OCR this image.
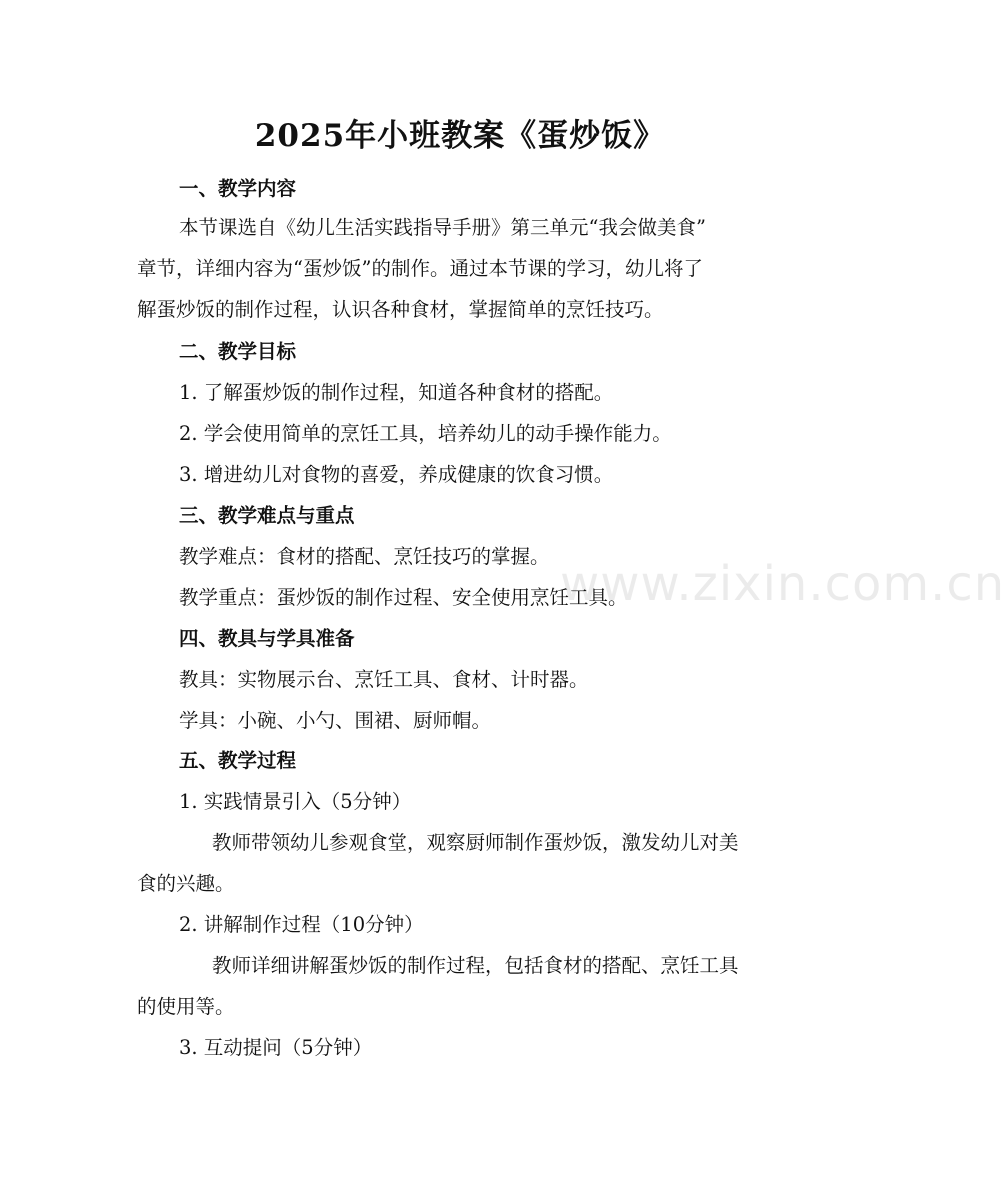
www.zixin.com.cn
2025年小班教案《蛋炒饭》
一、教学内容
本节课选自《幼儿生活实践指导手册》第三单元“我会做美食”
章节，详细内容为“蛋炒饭”的制作。通过本节课的学习，幼儿将了
解蛋炒饭的制作过程，认识各种食材，掌握简单的烹饪技巧。
二、教学目标
1. 了解蛋炒饭的制作过程，知道各种食材的搭配。
2. 学会使用简单的烹饪工具，培养幼儿的动手操作能力。
3. 增进幼儿对食物的喜爱，养成健康的饮食习惯。
三、教学难点与重点
教学难点：食材的搭配、烹饪技巧的掌握。
教学重点：蛋炒饭的制作过程、安全使用烹饪工具。
四、教具与学具准备
教具：实物展示台、烹饪工具、食材、计时器。
学具：小碗、小勺、围裙、厨师帽。
五、教学过程
1. 实践情景引入（5分钟）
教师带领幼儿参观食堂，观察厨师制作蛋炒饭，激发幼儿对美
食的兴趣。
2. 讲解制作过程（10分钟）
教师详细讲解蛋炒饭的制作过程，包括食材的搭配、烹饪工具
的使用等。
3. 互动提问（5分钟）
